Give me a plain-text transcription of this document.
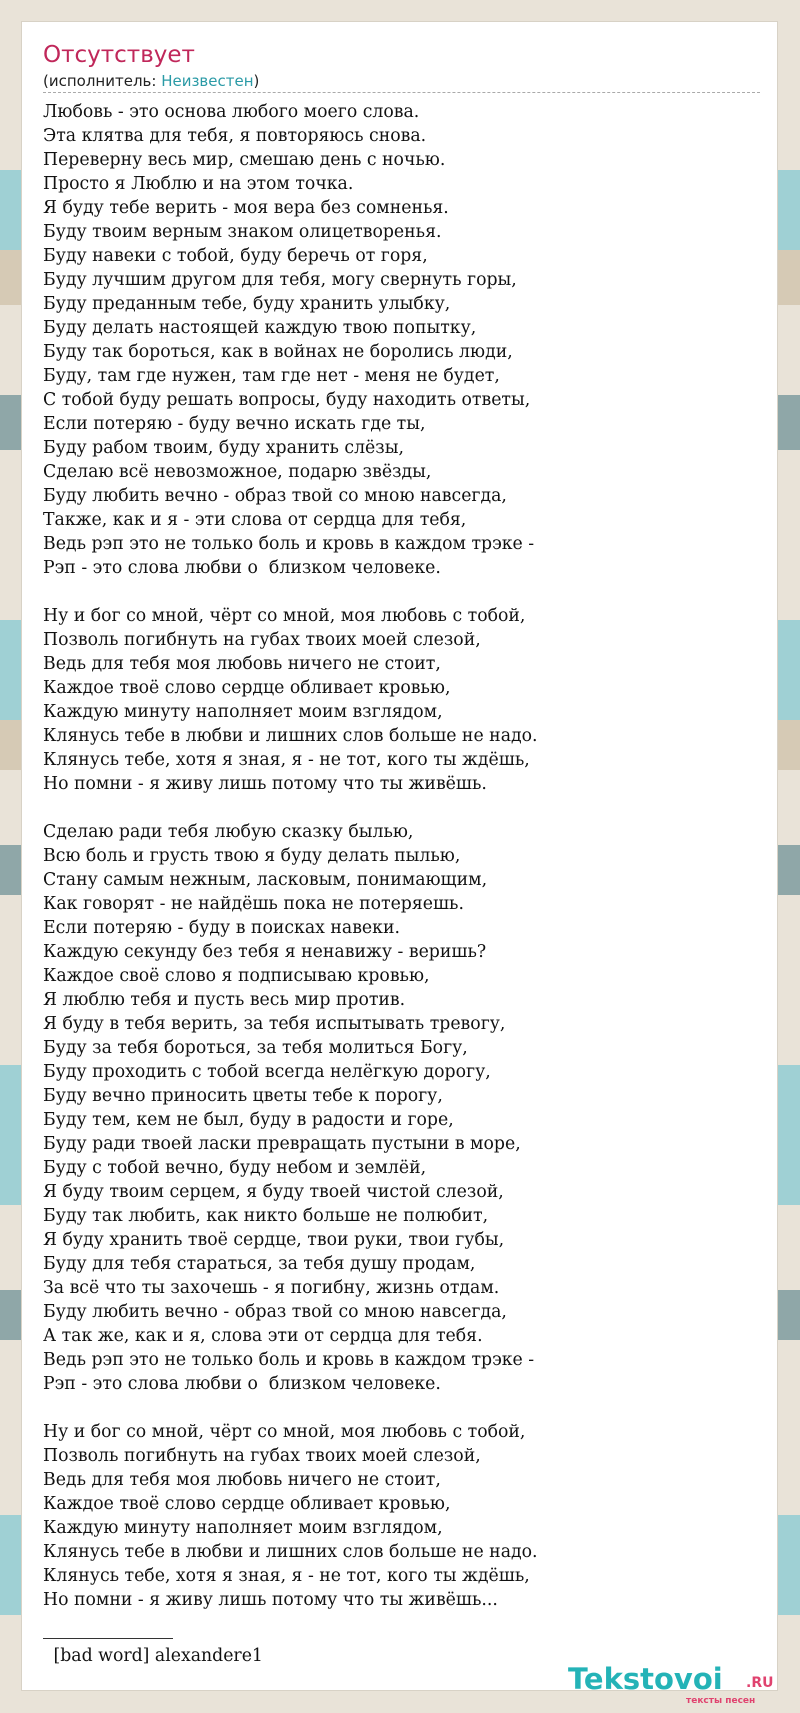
Отсутствует
(исполнитель: Неизвестен)
Любовь - это основа любого моего слова.
Эта клятва для тебя, я повторяюсь снова.
Переверну весь мир, смешаю день с ночью.
Просто я Люблю и на этом точка.
Я буду тебе верить - моя вера без сомненья.
Буду твоим верным знаком олицетворенья.
Буду навеки с тобой, буду беречь от горя,
Буду лучшим другом для тебя, могу свернуть горы,
Буду преданным тебе, буду хранить улыбку,
Буду делать настоящей каждую твою попытку,
Буду так бороться, как в войнах не боролись люди,
Буду, там где нужен, там где нет - меня не будет,
С тобой буду решать вопросы, буду находить ответы,
Если потеряю - буду вечно искать где ты,
Буду рабом твоим, буду хранить слёзы,
Сделаю всё невозможное, подарю звёзды,
Буду любить вечно - образ твой со мною навсегда,
Также, как и я - эти слова от сердца для тебя,
Ведь рэп это не только боль и кровь в каждом трэке -
Рэп - это слова любви о  близком человеке.
Ну и бог со мной, чёрт со мной, моя любовь с тобой,
Позволь погибнуть на губах твоих моей слезой,
Ведь для тебя моя любовь ничего не стоит,
Каждое твоё слово сердце обливает кровью,
Каждую минуту наполняет моим взглядом,
Клянусь тебе в любви и лишних слов больше не надо.
Клянусь тебе, хотя я зная, я - не тот, кого ты ждёшь,
Но помни - я живу лишь потому что ты живёшь.
Сделаю ради тебя любую сказку былью,
Всю боль и грусть твою я буду делать пылью,
Стану самым нежным, ласковым, понимающим,
Как говорят - не найдёшь пока не потеряешь.
Если потеряю - буду в поисках навеки.
Каждую секунду без тебя я ненавижу - веришь?
Каждое своё слово я подписываю кровью,
Я люблю тебя и пусть весь мир против.
Я буду в тебя верить, за тебя испытывать тревогу,
Буду за тебя бороться, за тебя молиться Богу,
Буду проходить с тобой всегда нелёгкую дорогу,
Буду вечно приносить цветы тебе к порогу,
Буду тем, кем не был, буду в радости и горе,
Буду ради твоей ласки превращать пустыни в море,
Буду с тобой вечно, буду небом и землёй,
Я буду твоим серцем, я буду твоей чистой слезой,
Буду так любить, как никто больше не полюбит,
Я буду хранить твоё сердце, твои руки, твои губы,
Буду для тебя стараться, за тебя душу продам,
За всё что ты захочешь - я погибну, жизнь отдам.
Буду любить вечно - образ твой со мною навсегда,
А так же, как и я, слова эти от сердца для тебя.
Ведь рэп это не только боль и кровь в каждом трэке -
Рэп - это слова любви о  близком человеке.
Ну и бог со мной, чёрт со мной, моя любовь с тобой,
Позволь погибнуть на губах твоих моей слезой,
Ведь для тебя моя любовь ничего не стоит,
Каждое твоё слово сердце обливает кровью,
Каждую минуту наполняет моим взглядом,
Клянусь тебе в любви и лишних слов больше не надо.
Клянусь тебе, хотя я зная, я - не тот, кого ты ждёшь,
Но помни - я живу лишь потому что ты живёшь...
[bad word] alexandere1
Tekstovoi .RU
тексты песен
